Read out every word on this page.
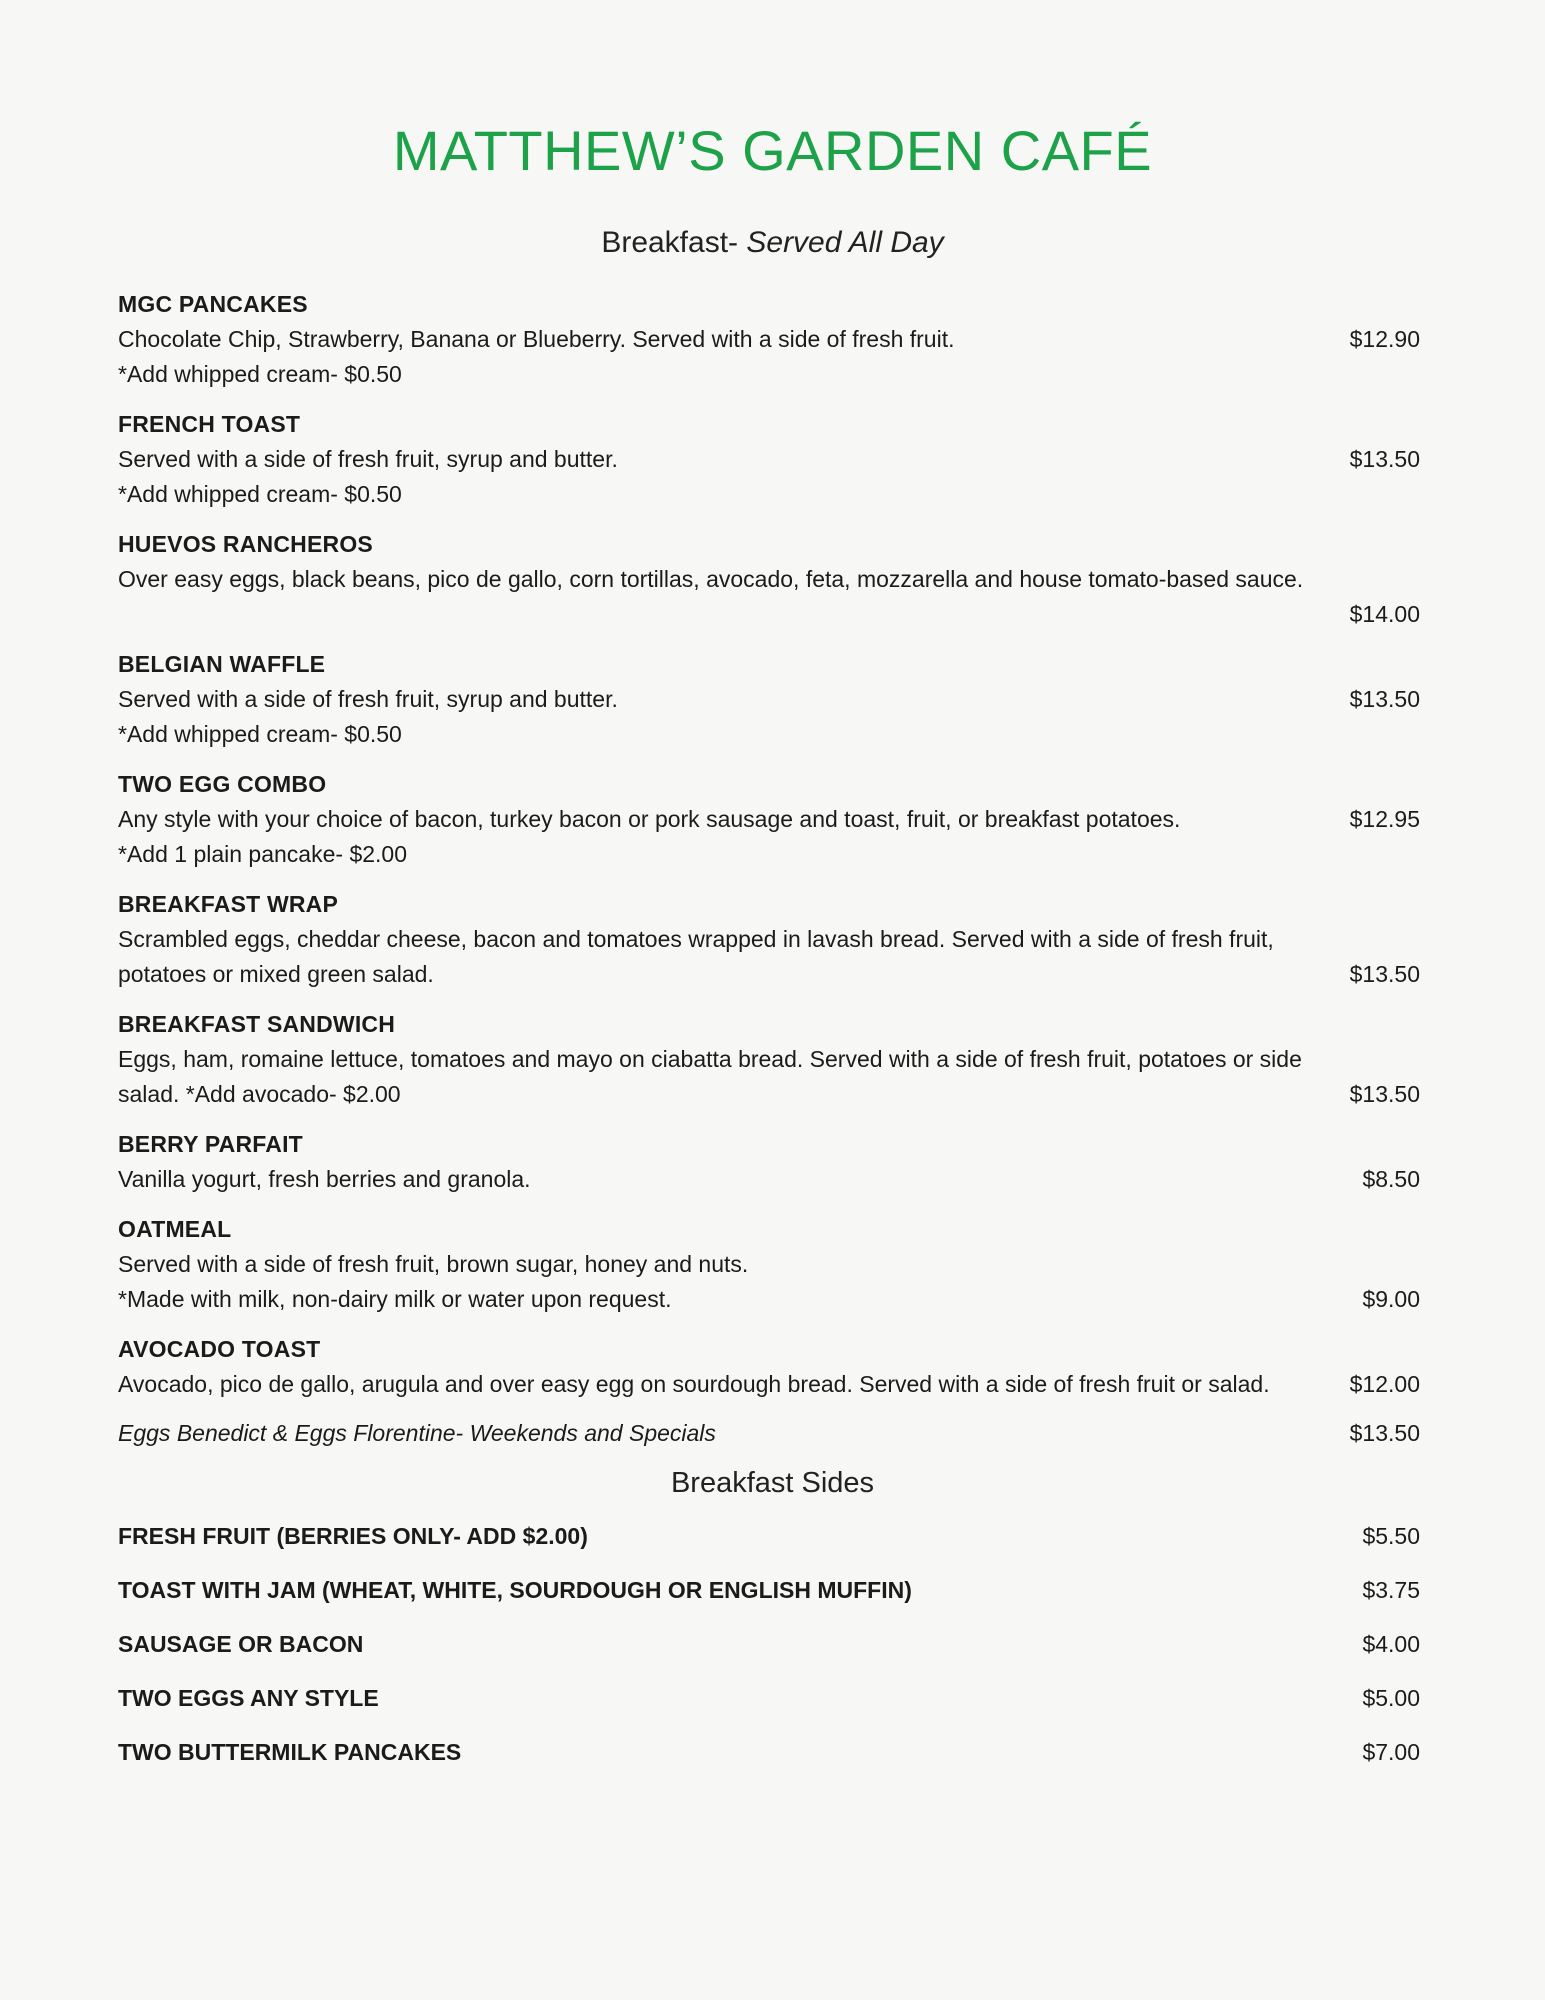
MATTHEW’S GARDEN CAFÉ
Breakfast- Served All Day
MGC PANCAKES
Chocolate Chip, Strawberry, Banana or Blueberry. Served with a side of fresh fruit.	$12.90
*Add whipped cream- $0.50
FRENCH TOAST
Served with a side of fresh fruit, syrup and butter.	$13.50
*Add whipped cream- $0.50
HUEVOS RANCHEROS
Over easy eggs, black beans, pico de gallo, corn tortillas, avocado, feta, mozzarella and house tomato-based sauce.
$14.00
BELGIAN WAFFLE
Served with a side of fresh fruit, syrup and butter.	$13.50
*Add whipped cream- $0.50
TWO EGG COMBO
Any style with your choice of bacon, turkey bacon or pork sausage and toast, fruit, or breakfast potatoes.	$12.95
*Add 1 plain pancake- $2.00
BREAKFAST WRAP
Scrambled eggs, cheddar cheese, bacon and tomatoes wrapped in lavash bread. Served with a side of fresh fruit,
potatoes or mixed green salad.	$13.50
BREAKFAST SANDWICH
Eggs, ham, romaine lettuce, tomatoes and mayo on ciabatta bread. Served with a side of fresh fruit, potatoes or side
salad. *Add avocado- $2.00	$13.50
BERRY PARFAIT
Vanilla yogurt, fresh berries and granola.	$8.50
OATMEAL
Served with a side of fresh fruit, brown sugar, honey and nuts.
*Made with milk, non-dairy milk or water upon request.	$9.00
AVOCADO TOAST
Avocado, pico de gallo, arugula and over easy egg on sourdough bread. Served with a side of fresh fruit or salad.	$12.00
Eggs Benedict & Eggs Florentine- Weekends and Specials	$13.50
Breakfast Sides
FRESH FRUIT (BERRIES ONLY- ADD $2.00)	$5.50
TOAST WITH JAM (WHEAT, WHITE, SOURDOUGH OR ENGLISH MUFFIN)	$3.75
SAUSAGE OR BACON	$4.00
TWO EGGS ANY STYLE	$5.00
TWO BUTTERMILK PANCAKES	$7.00
